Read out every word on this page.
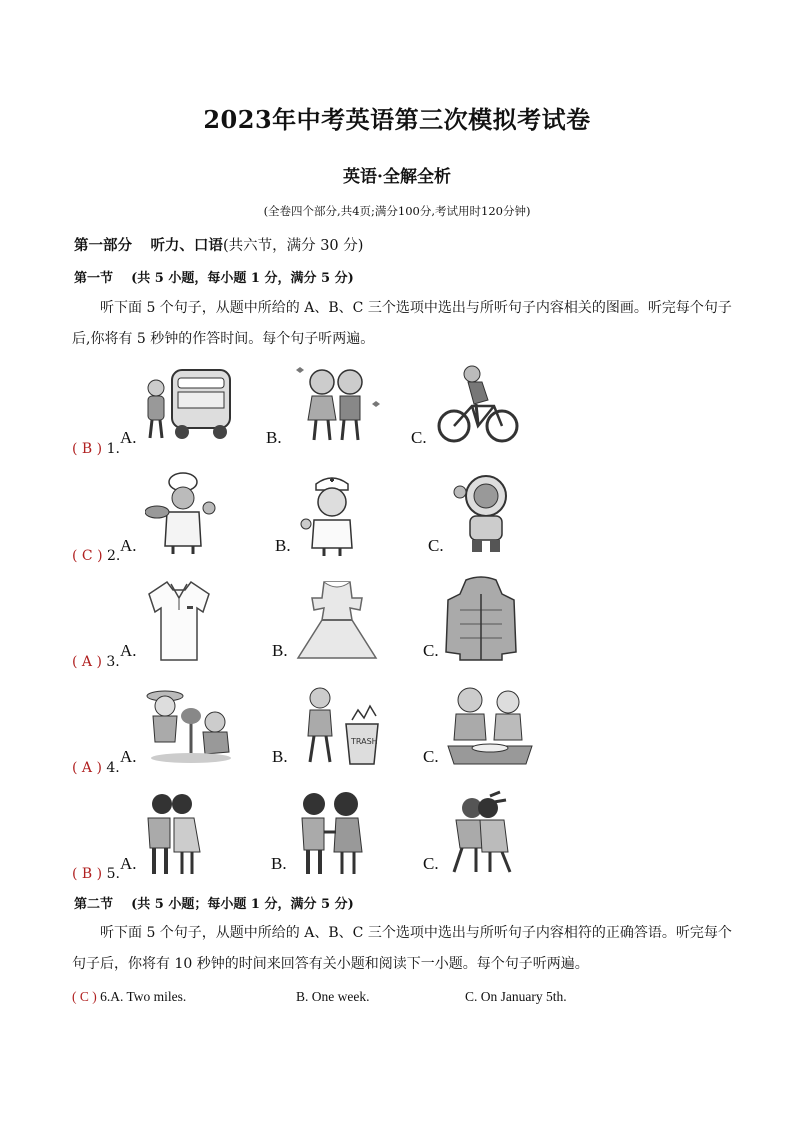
2023年中考英语第三次模拟考试卷
英语·全解全析
(全卷四个部分,共4页;满分100分,考试用时120分钟)
第一部分 听力、口语(共六节，满分 30 分)
第一节 (共 5 小题，每小题 1 分，满分 5 分)
听下面 5 个句子，从题中所给的 A、B、C 三个选项中选出与所听句子内容相关的图画。听完每个句子
后,你将有 5 秒钟的作答时间。每个句子听两遍。
( B ) 1.
A.	B.	C.
( C ) 2.
A.	B.	C.
( A ) 3.
A.	B.	C.
( A ) 4.
A.	B.	C.
TRASH
( B ) 5.
A.	B.	C.
第二节 (共 5 小题；每小题 1 分，满分 5 分)
听下面 5 个句子，从题中所给的 A、B、C 三个选项中选出与所听句子内容相符的正确答语。听完每个
句子后，你将有 10 秒钟的时间来回答有关小题和阅读下一小题。每个句子听两遍。
( C ) 6.A. Two miles.	B. One week.	C. On January 5th.
